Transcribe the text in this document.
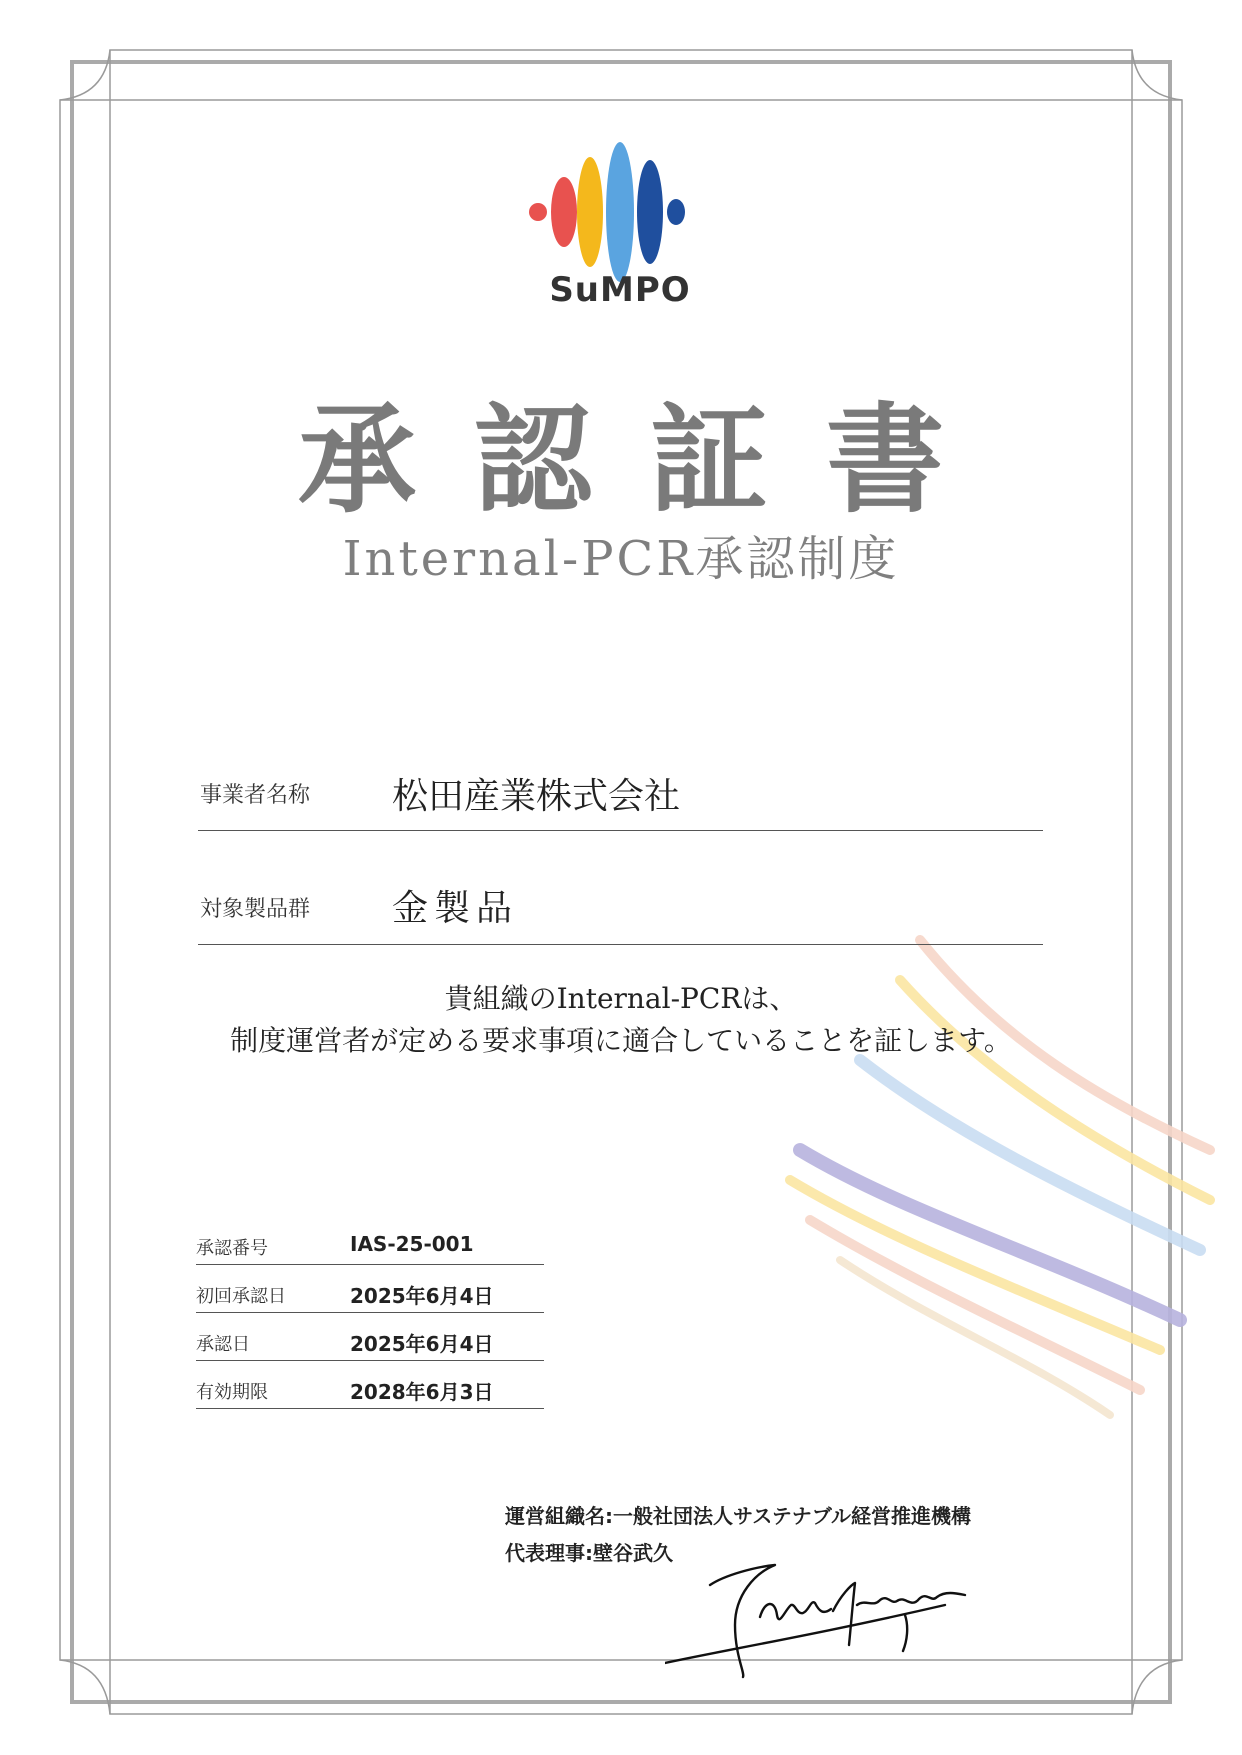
SuMPO
承認証書
Internal-PCR承認制度
事業者名称 松田産業株式会社
対象製品群 金製品
貴組織のInternal-PCRは、
制度運営者が定める要求事項に適合していることを証します。
承認番号	IAS-25-001
初回承認日	2025年6月4日
承認日	2025年6月4日
有効期限	2028年6月3日
運営組織名:一般社団法人サステナブル経営推進機構
代表理事:壁谷武久
